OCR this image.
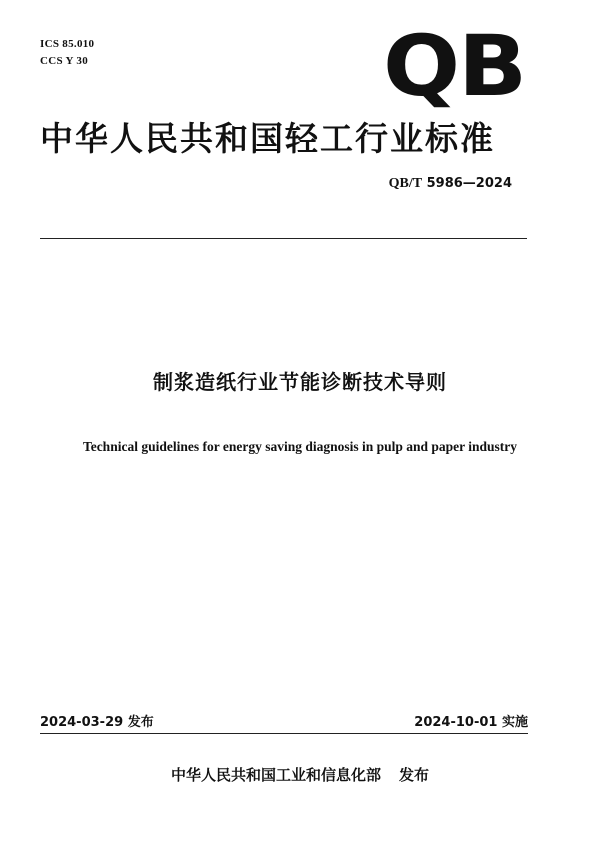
ICS 85.010
CCS Y 30	QB
中华人民共和国轻工行业标准
QB/T 5986—2024
制浆造纸行业节能诊断技术导则
Technical guidelines for energy saving diagnosis in pulp and paper industry
2024-03-29 发布	2024-10-01 实施
中华人民共和国工业和信息化部 发布
